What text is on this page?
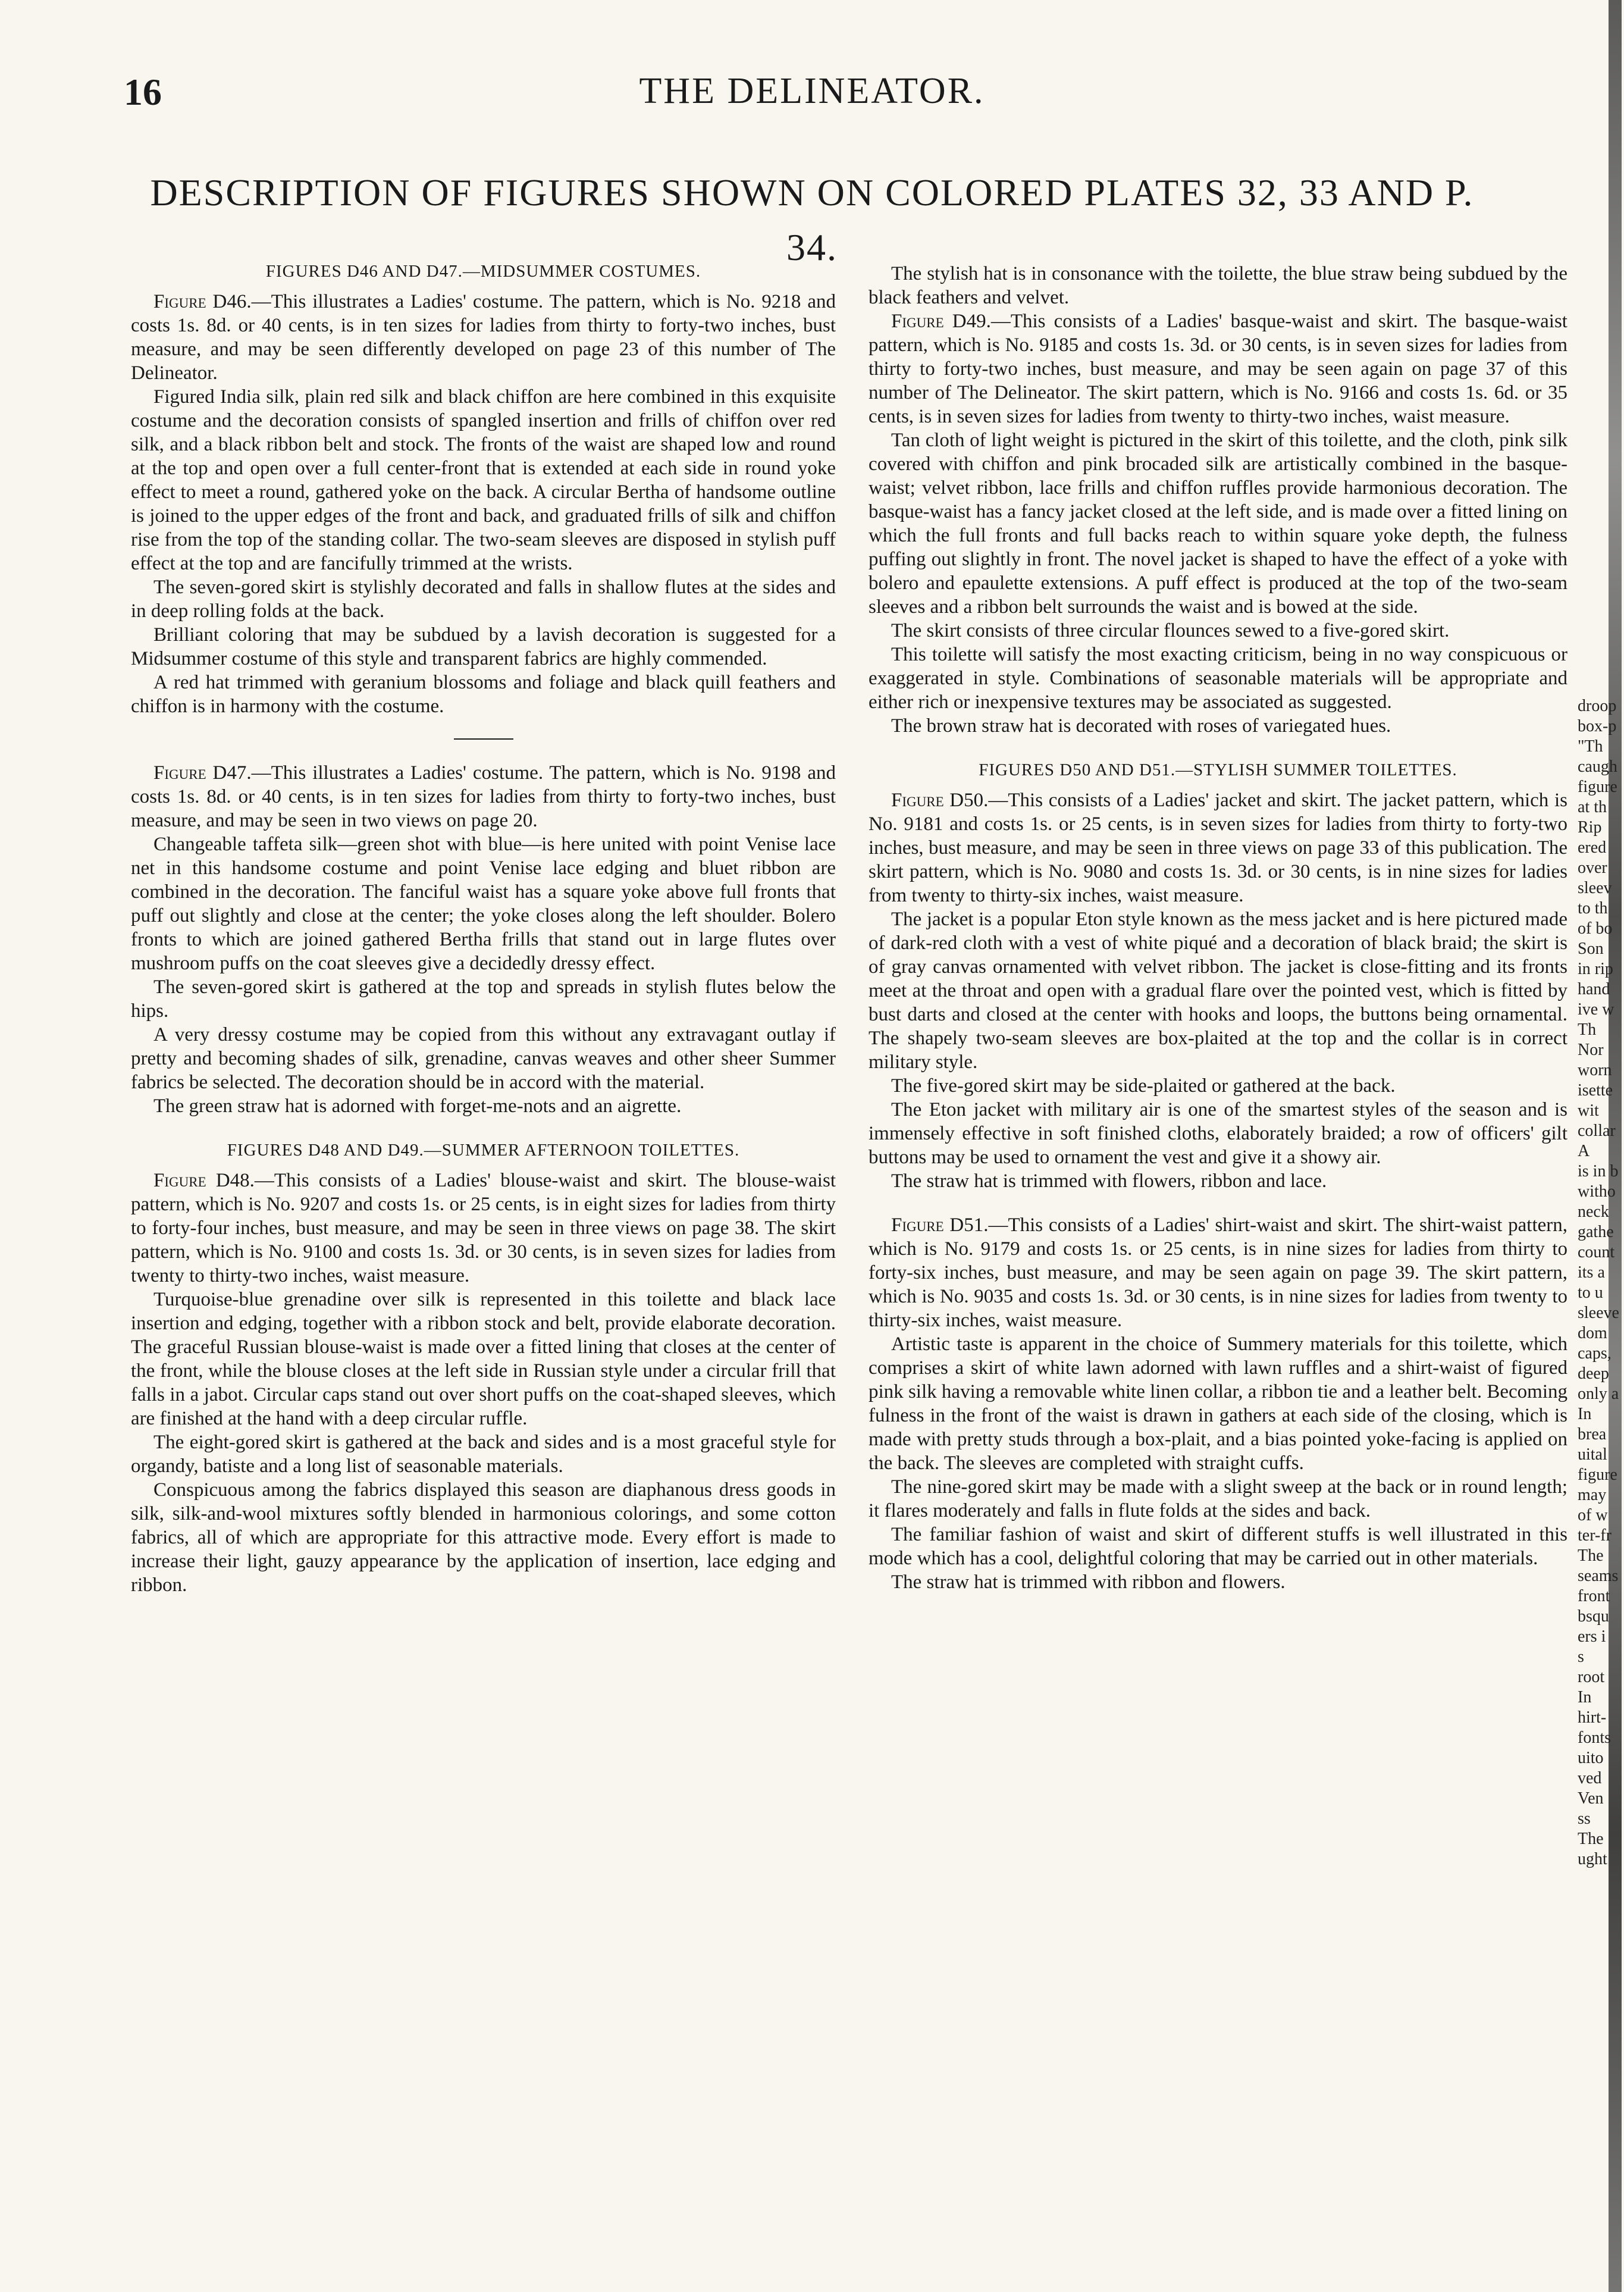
16	THE DELINEATOR.
DESCRIPTION OF FIGURES SHOWN ON COLORED PLATES 32, 33 AND P. 34.
FIGURES D46 AND D47.—MIDSUMMER COSTUMES.

Figure D46.—This illustrates a Ladies' costume. The pattern, which is No. 9218 and costs 1s. 8d. or 40 cents, is in ten sizes for ladies from thirty to forty-two inches, bust measure, and may be seen differently developed on page 23 of this number of The Delineator.

Figured India silk, plain red silk and black chiffon are here combined in this exquisite costume and the decoration consists of spangled insertion and frills of chiffon over red silk, and a black ribbon belt and stock. The fronts of the waist are shaped low and round at the top and open over a full center-front that is extended at each side in round yoke effect to meet a round, gathered yoke on the back. A circular Bertha of handsome outline is joined to the upper edges of the front and back, and graduated frills of silk and chiffon rise from the top of the standing collar. The two-seam sleeves are disposed in stylish puff effect at the top and are fancifully trimmed at the wrists.

The seven-gored skirt is stylishly decorated and falls in shallow flutes at the sides and in deep rolling folds at the back.

Brilliant coloring that may be subdued by a lavish decoration is suggested for a Midsummer costume of this style and transparent fabrics are highly commended.

A red hat trimmed with geranium blossoms and foliage and black quill feathers and chiffon is in harmony with the costume.

Figure D47.—This illustrates a Ladies' costume. The pattern, which is No. 9198 and costs 1s. 8d. or 40 cents, is in ten sizes for ladies from thirty to forty-two inches, bust measure, and may be seen in two views on page 20.

Changeable taffeta silk—green shot with blue—is here united with point Venise lace net in this handsome costume and point Venise lace edging and bluet ribbon are combined in the decoration. The fanciful waist has a square yoke above full fronts that puff out slightly and close at the center; the yoke closes along the left shoulder. Bolero fronts to which are joined gathered Bertha frills that stand out in large flutes over mushroom puffs on the coat sleeves give a decidedly dressy effect.

The seven-gored skirt is gathered at the top and spreads in stylish flutes below the hips.

A very dressy costume may be copied from this without any extravagant outlay if pretty and becoming shades of silk, grenadine, canvas weaves and other sheer Summer fabrics be selected. The decoration should be in accord with the material.

The green straw hat is adorned with forget-me-nots and an aigrette.

FIGURES D48 AND D49.—SUMMER AFTERNOON TOILETTES.

Figure D48.—This consists of a Ladies' blouse-waist and skirt. The blouse-waist pattern, which is No. 9207 and costs 1s. or 25 cents, is in eight sizes for ladies from thirty to forty-four inches, bust measure, and may be seen in three views on page 38. The skirt pattern, which is No. 9100 and costs 1s. 3d. or 30 cents, is in seven sizes for ladies from twenty to thirty-two inches, waist measure.

Turquoise-blue grenadine over silk is represented in this toilette and black lace insertion and edging, together with a ribbon stock and belt, provide elaborate decoration. The graceful Russian blouse-waist is made over a fitted lining that closes at the center of the front, while the blouse closes at the left side in Russian style under a circular frill that falls in a jabot. Circular caps stand out over short puffs on the coat-shaped sleeves, which are finished at the hand with a deep circular ruffle.

The eight-gored skirt is gathered at the back and sides and is a most graceful style for organdy, batiste and a long list of seasonable materials.

Conspicuous among the fabrics displayed this season are diaphanous dress goods in silk, silk-and-wool mixtures softly blended in harmonious colorings, and some cotton fabrics, all of which are appropriate for this attractive mode. Every effort is made to increase their light, gauzy appearance by the application of insertion, lace edging and ribbon.

The stylish hat is in consonance with the toilette, the blue straw being subdued by the black feathers and velvet.

Figure D49.—This consists of a Ladies' basque-waist and skirt. The basque-waist pattern, which is No. 9185 and costs 1s. 3d. or 30 cents, is in seven sizes for ladies from thirty to forty-two inches, bust measure, and may be seen again on page 37 of this number of The Delineator. The skirt pattern, which is No. 9166 and costs 1s. 6d. or 35 cents, is in seven sizes for ladies from twenty to thirty-two inches, waist measure.

Tan cloth of light weight is pictured in the skirt of this toilette, and the cloth, pink silk covered with chiffon and pink brocaded silk are artistically combined in the basque-waist; velvet ribbon, lace frills and chiffon ruffles provide harmonious decoration. The basque-waist has a fancy jacket closed at the left side, and is made over a fitted lining on which the full fronts and full backs reach to within square yoke depth, the fulness puffing out slightly in front. The novel jacket is shaped to have the effect of a yoke with bolero and epaulette extensions. A puff effect is produced at the top of the two-seam sleeves and a ribbon belt surrounds the waist and is bowed at the side.

The skirt consists of three circular flounces sewed to a five-gored skirt.

This toilette will satisfy the most exacting criticism, being in no way conspicuous or exaggerated in style. Combinations of seasonable materials will be appropriate and either rich or inexpensive textures may be associated as suggested.

The brown straw hat is decorated with roses of variegated hues.

FIGURES D50 AND D51.—STYLISH SUMMER TOILETTES.

Figure D50.—This consists of a Ladies' jacket and skirt. The jacket pattern, which is No. 9181 and costs 1s. or 25 cents, is in seven sizes for ladies from thirty to forty-two inches, bust measure, and may be seen in three views on page 33 of this publication. The skirt pattern, which is No. 9080 and costs 1s. 3d. or 30 cents, is in nine sizes for ladies from twenty to thirty-six inches, waist measure.

The jacket is a popular Eton style known as the mess jacket and is here pictured made of dark-red cloth with a vest of white piqué and a decoration of black braid; the skirt is of gray canvas ornamented with velvet ribbon. The jacket is close-fitting and its fronts meet at the throat and open with a gradual flare over the pointed vest, which is fitted by bust darts and closed at the center with hooks and loops, the buttons being ornamental. The shapely two-seam sleeves are box-plaited at the top and the collar is in correct military style.

The five-gored skirt may be side-plaited or gathered at the back.

The Eton jacket with military air is one of the smartest styles of the season and is immensely effective in soft finished cloths, elaborately braided; a row of officers' gilt buttons may be used to ornament the vest and give it a showy air.

The straw hat is trimmed with flowers, ribbon and lace.

Figure D51.—This consists of a Ladies' shirt-waist and skirt. The shirt-waist pattern, which is No. 9179 and costs 1s. or 25 cents, is in nine sizes for ladies from thirty to forty-six inches, bust measure, and may be seen again on page 39. The skirt pattern, which is No. 9035 and costs 1s. 3d. or 30 cents, is in nine sizes for ladies from twenty to thirty-six inches, waist measure.

Artistic taste is apparent in the choice of Summery materials for this toilette, which comprises a skirt of white lawn adorned with lawn ruffles and a shirt-waist of figured pink silk having a removable white linen collar, a ribbon tie and a leather belt. Becoming fulness in the front of the waist is drawn in gathers at each side of the closing, which is made with pretty studs through a box-plait, and a bias pointed yoke-facing is applied on the back. The sleeves are completed with straight cuffs.

The nine-gored skirt may be made with a slight sweep at the back or in round length; it flares moderately and falls in flute folds at the sides and back.

The familiar fashion of waist and skirt of different stuffs is well illustrated in this mode which has a cool, delightful coloring that may be carried out in other materials.

The straw hat is trimmed with ribbon and flowers.

droop
box-p
"Th
caugh
figure
at th
Rip
ered
over
sleev
to th
of bo
Son
in rip
hand
ive w
Th
Nor
worn
isette
wit
collar
A
is in b
witho
neck
gathe
count
its a
to u
sleeve
dom
caps,
deep
only a
In
brea
uital
figure
may
of w
ter-fr
The
seams
front
bsqu
ers i
s
root
In
hirt-
fonts
uito
ved
Ven
ss
The
ught
